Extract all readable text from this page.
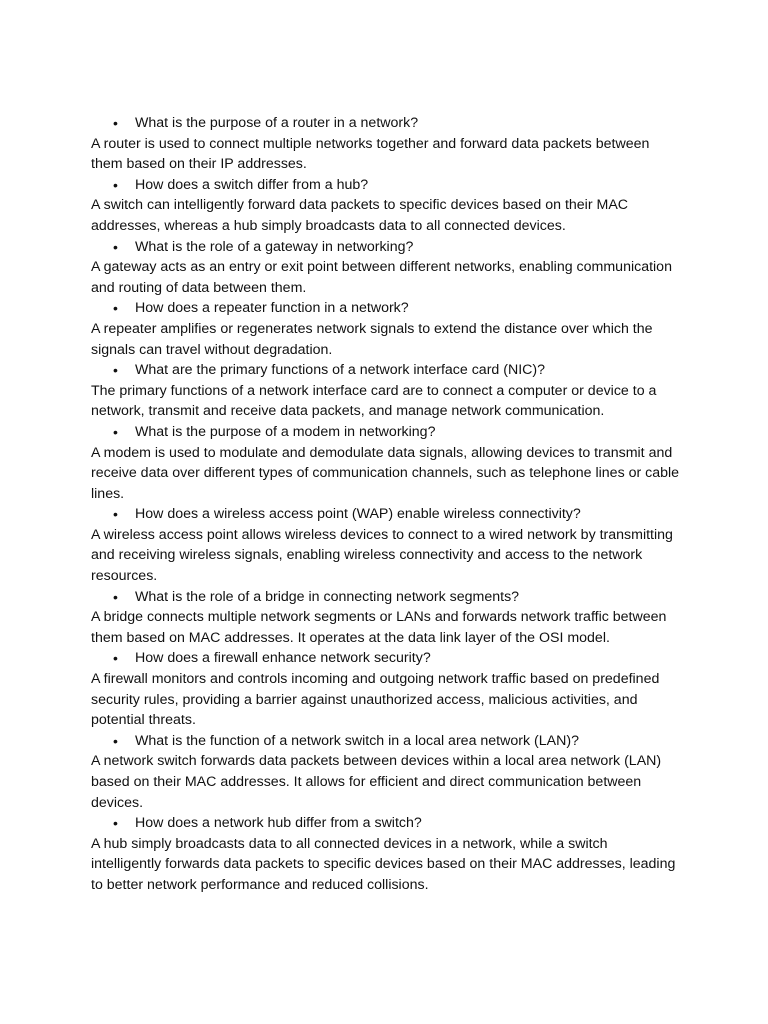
• What is the purpose of a router in a network?

A router is used to connect multiple networks together and forward data packets between them based on their IP addresses.

• How does a switch differ from a hub?

A switch can intelligently forward data packets to specific devices based on their MAC addresses, whereas a hub simply broadcasts data to all connected devices.

• What is the role of a gateway in networking?

A gateway acts as an entry or exit point between different networks, enabling communication and routing of data between them.

• How does a repeater function in a network?

A repeater amplifies or regenerates network signals to extend the distance over which the signals can travel without degradation.

• What are the primary functions of a network interface card (NIC)?

The primary functions of a network interface card are to connect a computer or device to a network, transmit and receive data packets, and manage network communication.

• What is the purpose of a modem in networking?

A modem is used to modulate and demodulate data signals, allowing devices to transmit and receive data over different types of communication channels, such as telephone lines or cable lines.

• How does a wireless access point (WAP) enable wireless connectivity?

A wireless access point allows wireless devices to connect to a wired network by transmitting and receiving wireless signals, enabling wireless connectivity and access to the network resources.

• What is the role of a bridge in connecting network segments?

A bridge connects multiple network segments or LANs and forwards network traffic between them based on MAC addresses. It operates at the data link layer of the OSI model.

• How does a firewall enhance network security?

A firewall monitors and controls incoming and outgoing network traffic based on predefined security rules, providing a barrier against unauthorized access, malicious activities, and potential threats.

• What is the function of a network switch in a local area network (LAN)?

A network switch forwards data packets between devices within a local area network (LAN) based on their MAC addresses. It allows for efficient and direct communication between devices.

• How does a network hub differ from a switch?

A hub simply broadcasts data to all connected devices in a network, while a switch intelligently forwards data packets to specific devices based on their MAC addresses, leading to better network performance and reduced collisions.
